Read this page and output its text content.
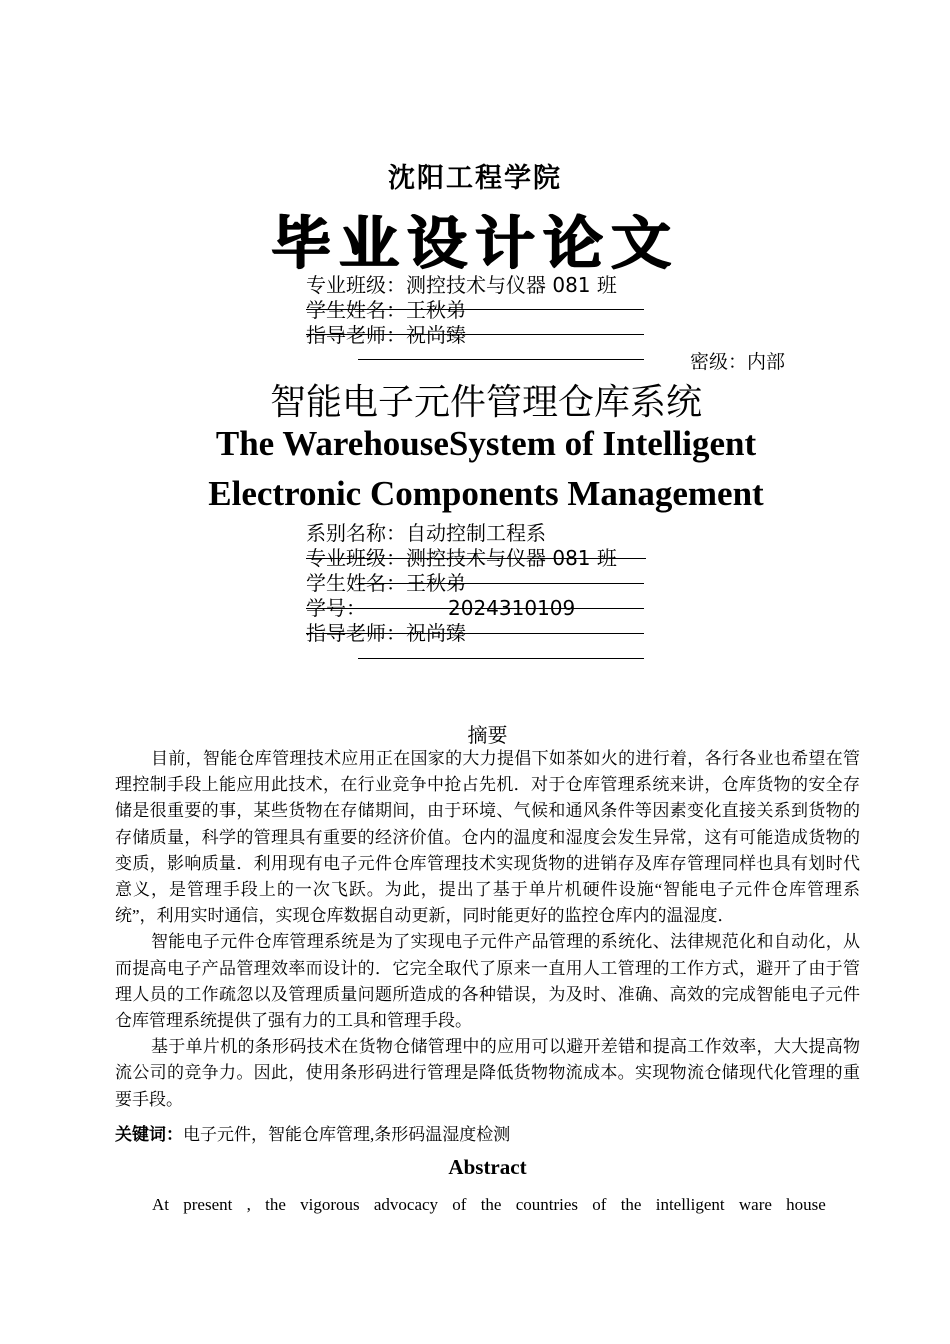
沈阳工程学院
毕业设计论文
专业班级：测控技术与仪器 081 班
学生姓名：王秋弟
指导老师：祝尚臻
密级：内部
智能电子元件管理仓库系统
The WarehouseSystem of Intelligent
Electronic Components Management
系别名称：自动控制工程系
专业班级：测控技术与仪器 081 班
学生姓名：王秋弟
学号：	2024310109
指导老师：祝尚臻
摘要

目前，智能仓库管理技术应用正在国家的大力提倡下如茶如火的进行着，各行各业也希望在管理控制手段上能应用此技术，在行业竞争中抢占先机．对于仓库管理系统来讲，仓库货物的安全存储是很重要的事，某些货物在存储期间，由于环境、气候和通风条件等因素变化直接关系到货物的存储质量，科学的管理具有重要的经济价值。仓内的温度和湿度会发生异常，这有可能造成货物的变质，影响质量．利用现有电子元件仓库管理技术实现货物的进销存及库存管理同样也具有划时代意义，是管理手段上的一次飞跃。为此，提出了基于单片机硬件设施“智能电子元件仓库管理系统”，利用实时通信，实现仓库数据自动更新，同时能更好的监控仓库内的温湿度．

智能电子元件仓库管理系统是为了实现电子元件产品管理的系统化、法律规范化和自动化，从而提高电子产品管理效率而设计的．它完全取代了原来一直用人工管理的工作方式，避开了由于管理人员的工作疏忽以及管理质量问题所造成的各种错误，为及时、准确、高效的完成智能电子元件仓库管理系统提供了强有力的工具和管理手段。

基于单片机的条形码技术在货物仓储管理中的应用可以避开差错和提高工作效率，大大提高物流公司的竞争力。因此，使用条形码进行管理是降低货物物流成本。实现物流仓储现代化管理的重要手段。

关键词：电子元件，智能仓库管理,条形码温湿度检测
Abstract
At present , the vigorous advocacy of the countries of the intelligent ware house
